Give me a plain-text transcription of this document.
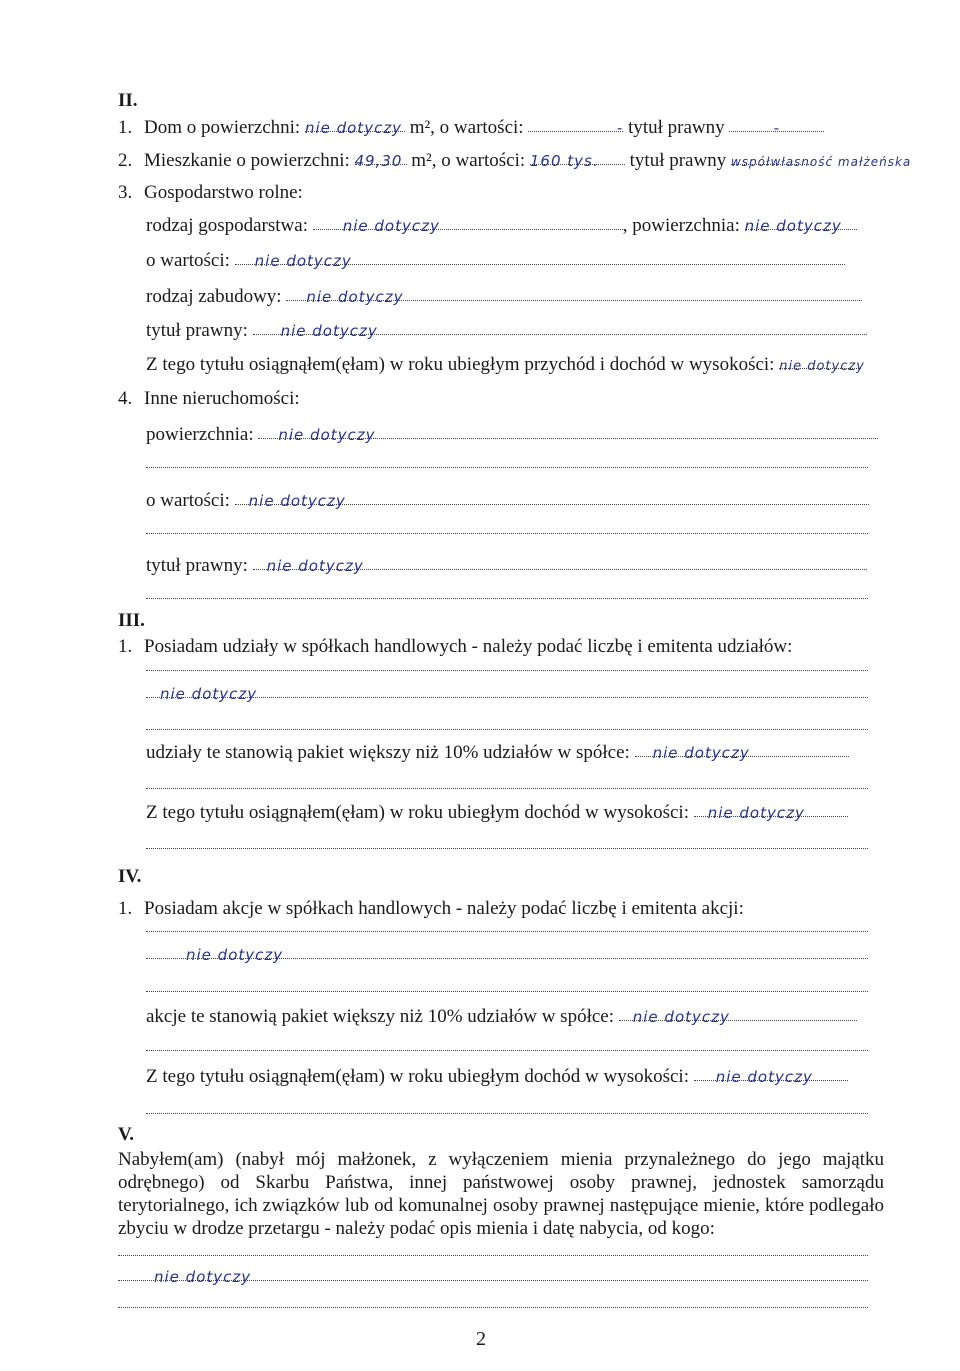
II.
1. Dom o powierzchni: nie dotyczy m², o wartości:	- tytuł prawny	-
2. Mieszkanie o powierzchni: 49,30 m², o wartości: 160 tys. tytuł prawny współwłasność małżeńska
3. Gospodarstwo rolne:
rodzaj gospodarstwa: nie dotyczy	, powierzchnia: nie dotyczy
o wartości: nie dotyczy
rodzaj zabudowy: nie dotyczy
tytuł prawny: nie dotyczy
Z tego tytułu osiągnąłem(ęłam) w roku ubiegłym przychód i dochód w wysokości: nie dotyczy
4. Inne nieruchomości:
powierzchnia: nie dotyczy
o wartości: nie dotyczy
tytuł prawny: nie dotyczy
III.
1. Posiadam udziały w spółkach handlowych - należy podać liczbę i emitenta udziałów:
nie dotyczy
udziały te stanowią pakiet większy niż 10% udziałów w spółce: nie dotyczy
Z tego tytułu osiągnąłem(ęłam) w roku ubiegłym dochód w wysokości: nie dotyczy
IV.
1. Posiadam akcje w spółkach handlowych - należy podać liczbę i emitenta akcji:
nie dotyczy
akcje te stanowią pakiet większy niż 10% udziałów w spółce: nie dotyczy
Z tego tytułu osiągnąłem(ęłam) w roku ubiegłym dochód w wysokości: nie dotyczy
V.
Nabyłem(am) (nabył mój małżonek, z wyłączeniem mienia przynależnego do jego majątku odrębnego) od Skarbu Państwa, innej państwowej osoby prawnej, jednostek samorządu terytorialnego, ich związków lub od komunalnej osoby prawnej następujące mienie, które podlegało zbyciu w drodze przetargu - należy podać opis mienia i datę nabycia, od kogo:
nie dotyczy
2
